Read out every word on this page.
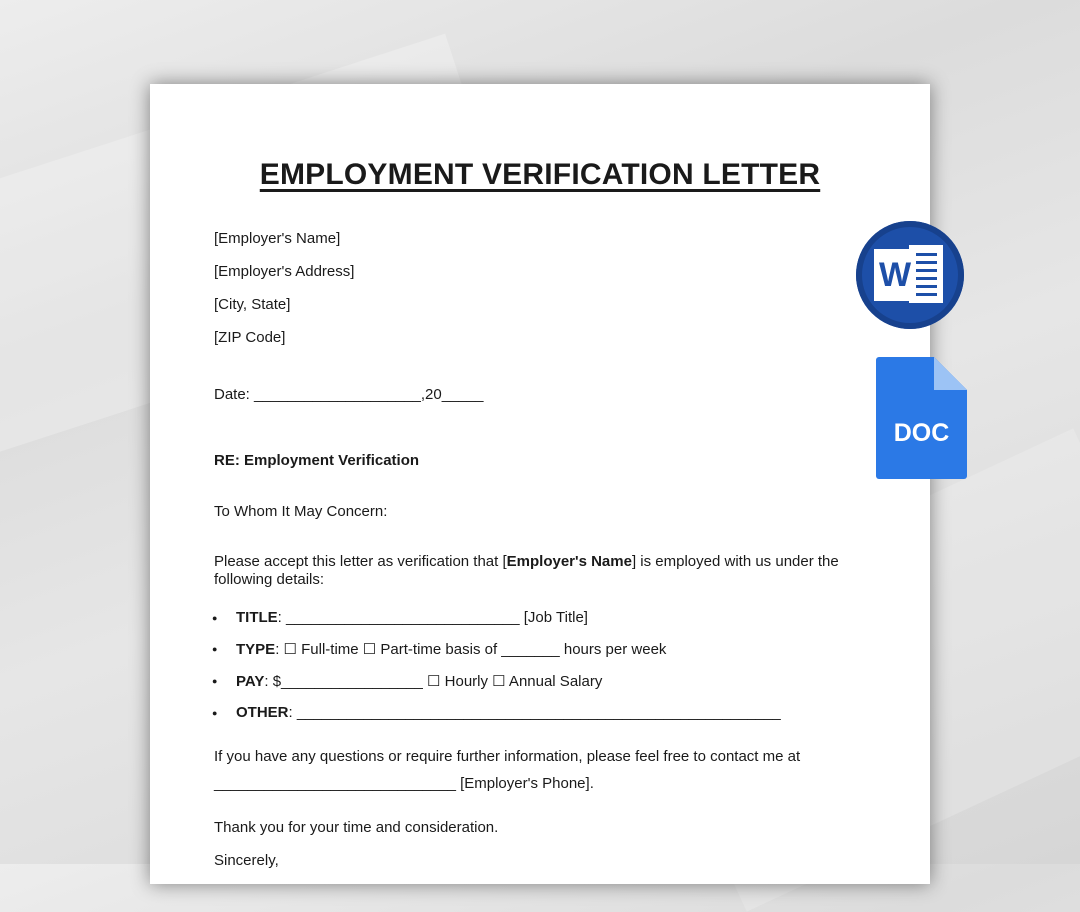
EMPLOYMENT VERIFICATION LETTER
[Employer's Name]
[Employer's Address]
[City, State]
[ZIP Code]
Date: ____________________,20_____
RE: Employment Verification
To Whom It May Concern:
Please accept this letter as verification that [Employer's Name] is employed with us under the
following details:
● TITLE: ____________________________ [Job Title]
● TYPE: ☐ Full-time ☐ Part-time basis of _______ hours per week
● PAY: $_________________ ☐ Hourly ☐ Annual Salary
● OTHER: __________________________________________________________
If you have any questions or require further information, please feel free to contact me at
_____________________________ [Employer's Phone].
Thank you for your time and consideration.
Sincerely,
W
DOC
